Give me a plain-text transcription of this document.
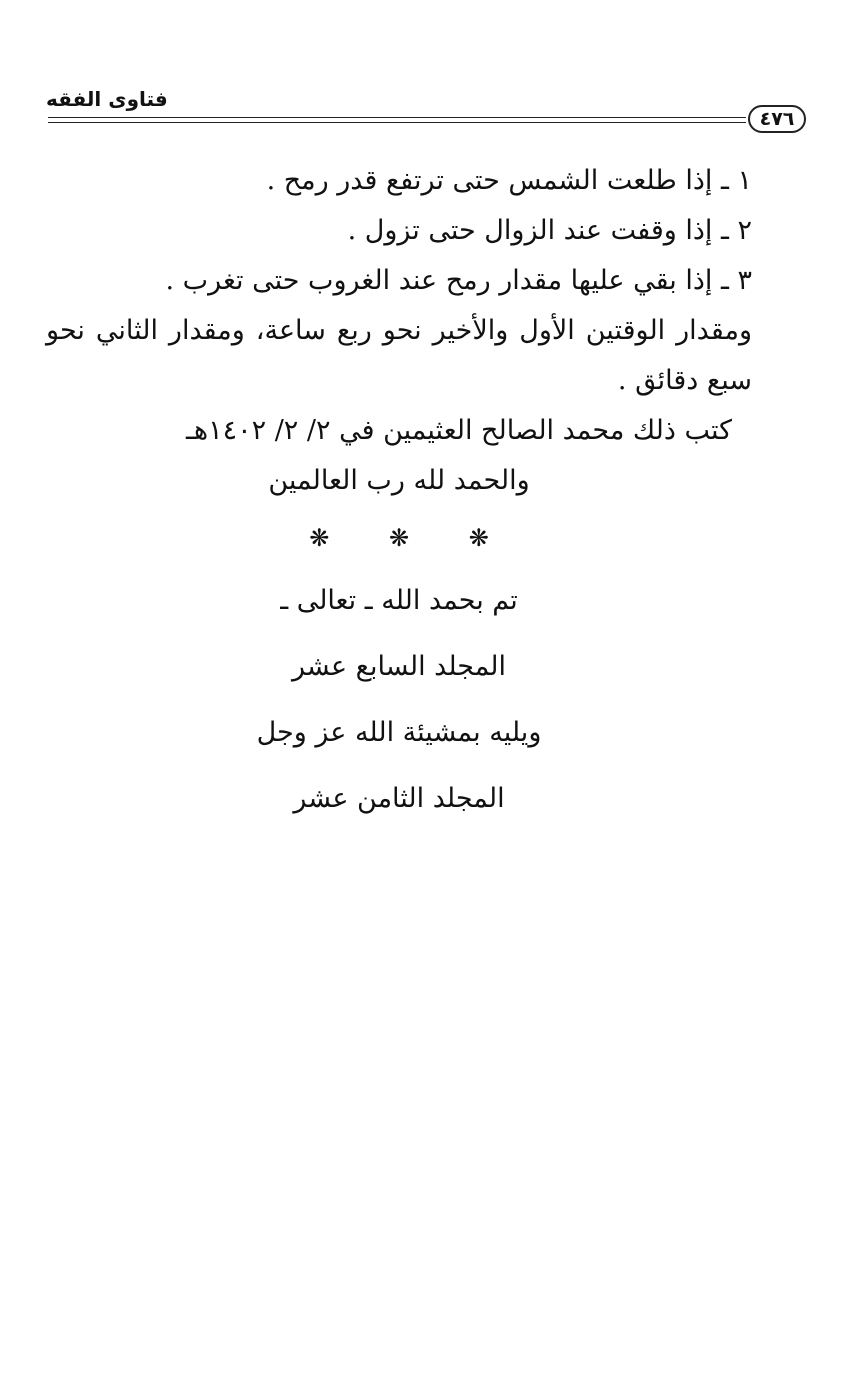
فتاوى الفقه
٤٧٦

١ ـ إذا طلعت الشمس حتى ترتفع قدر رمح .

٢ ـ إذا وقفت عند الزوال حتى تزول .

٣ ـ إذا بقي عليها مقدار رمح عند الغروب حتى تغرب .

ومقدار الوقتين الأول والأخير نحو ربع ساعة، ومقدار الثاني نحو سبع دقائق .

كتب ذلك محمد الصالح العثيمين في ٢/ ٢/ ١٤٠٢هـ

والحمد لله رب العالمين

❋ ❋ ❋

تم بحمد الله ـ تعالى ـ

المجلد السابع عشر

ويليه بمشيئة الله عز وجل

المجلد الثامن عشر
